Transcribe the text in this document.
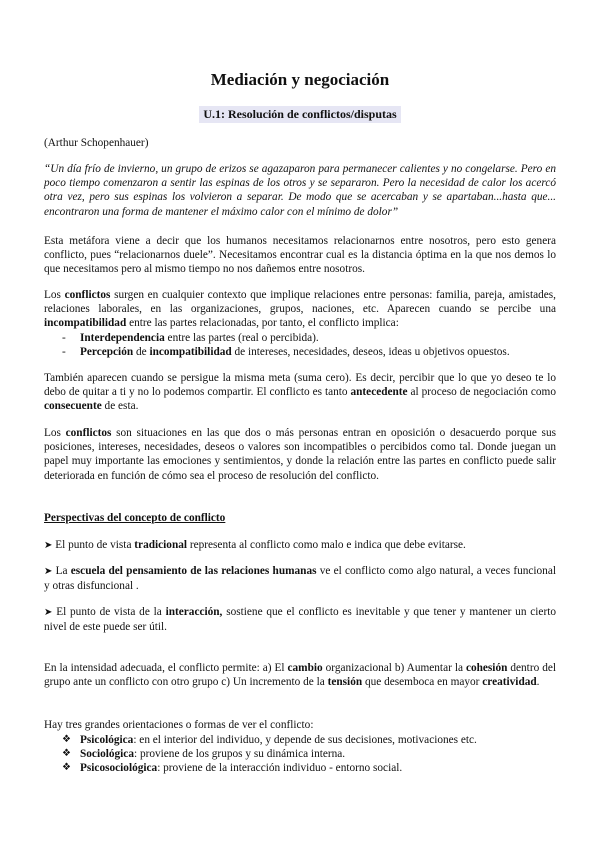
Mediación y negociación
U.1: Resolución de conflictos/disputas

(Arthur Schopenhauer)

“Un día frío de invierno, un grupo de erizos se agazaparon para permanecer calientes y no congelarse. Pero en poco tiempo comenzaron a sentir las espinas de los otros y se separaron. Pero la necesidad de calor los acercó otra vez, pero sus espinas los volvieron a separar. De modo que se acercaban y se apartaban...hasta que... encontraron una forma de mantener el máximo calor con el mínimo de dolor”

Esta metáfora viene a decir que los humanos necesitamos relacionarnos entre nosotros, pero esto genera conflicto, pues “relacionarnos duele”. Necesitamos encontrar cual es la distancia óptima en la que nos demos lo que necesitamos pero al mismo tiempo no nos dañemos entre nosotros.

Los conflictos surgen en cualquier contexto que implique relaciones entre personas: familia, pareja, amistades, relaciones laborales, en las organizaciones, grupos, naciones, etc. Aparecen cuando se percibe una incompatibilidad entre las partes relacionadas, por tanto, el conflicto implica:

- Interdependencia entre las partes (real o percibida).
- Percepción de incompatibilidad de intereses, necesidades, deseos, ideas u objetivos opuestos.

También aparecen cuando se persigue la misma meta (suma cero). Es decir, percibir que lo que yo deseo te lo debo de quitar a ti y no lo podemos compartir. El conflicto es tanto antecedente al proceso de negociación como consecuente de esta.

Los conflictos son situaciones en las que dos o más personas entran en oposición o desacuerdo porque sus posiciones, intereses, necesidades, deseos o valores son incompatibles o percibidos como tal. Donde juegan un papel muy importante las emociones y sentimientos, y donde la relación entre las partes en conflicto puede salir deteriorada en función de cómo sea el proceso de resolución del conflicto.

Perspectivas del concepto de conflicto

➤ El punto de vista tradicional representa al conflicto como malo e indica que debe evitarse.

➤ La escuela del pensamiento de las relaciones humanas ve el conflicto como algo natural, a veces funcional y otras disfuncional .

➤ El punto de vista de la interacción, sostiene que el conflicto es inevitable y que tener y mantener un cierto nivel de este puede ser útil.

En la intensidad adecuada, el conflicto permite: a) El cambio organizacional b) Aumentar la cohesión dentro del grupo ante un conflicto con otro grupo c) Un incremento de la tensión que desemboca en mayor creatividad.

Hay tres grandes orientaciones o formas de ver el conflicto:

❖ Psicológica: en el interior del individuo, y depende de sus decisiones, motivaciones etc.
❖ Sociológica: proviene de los grupos y su dinámica interna.
❖ Psicosociológica: proviene de la interacción individuo - entorno social.
